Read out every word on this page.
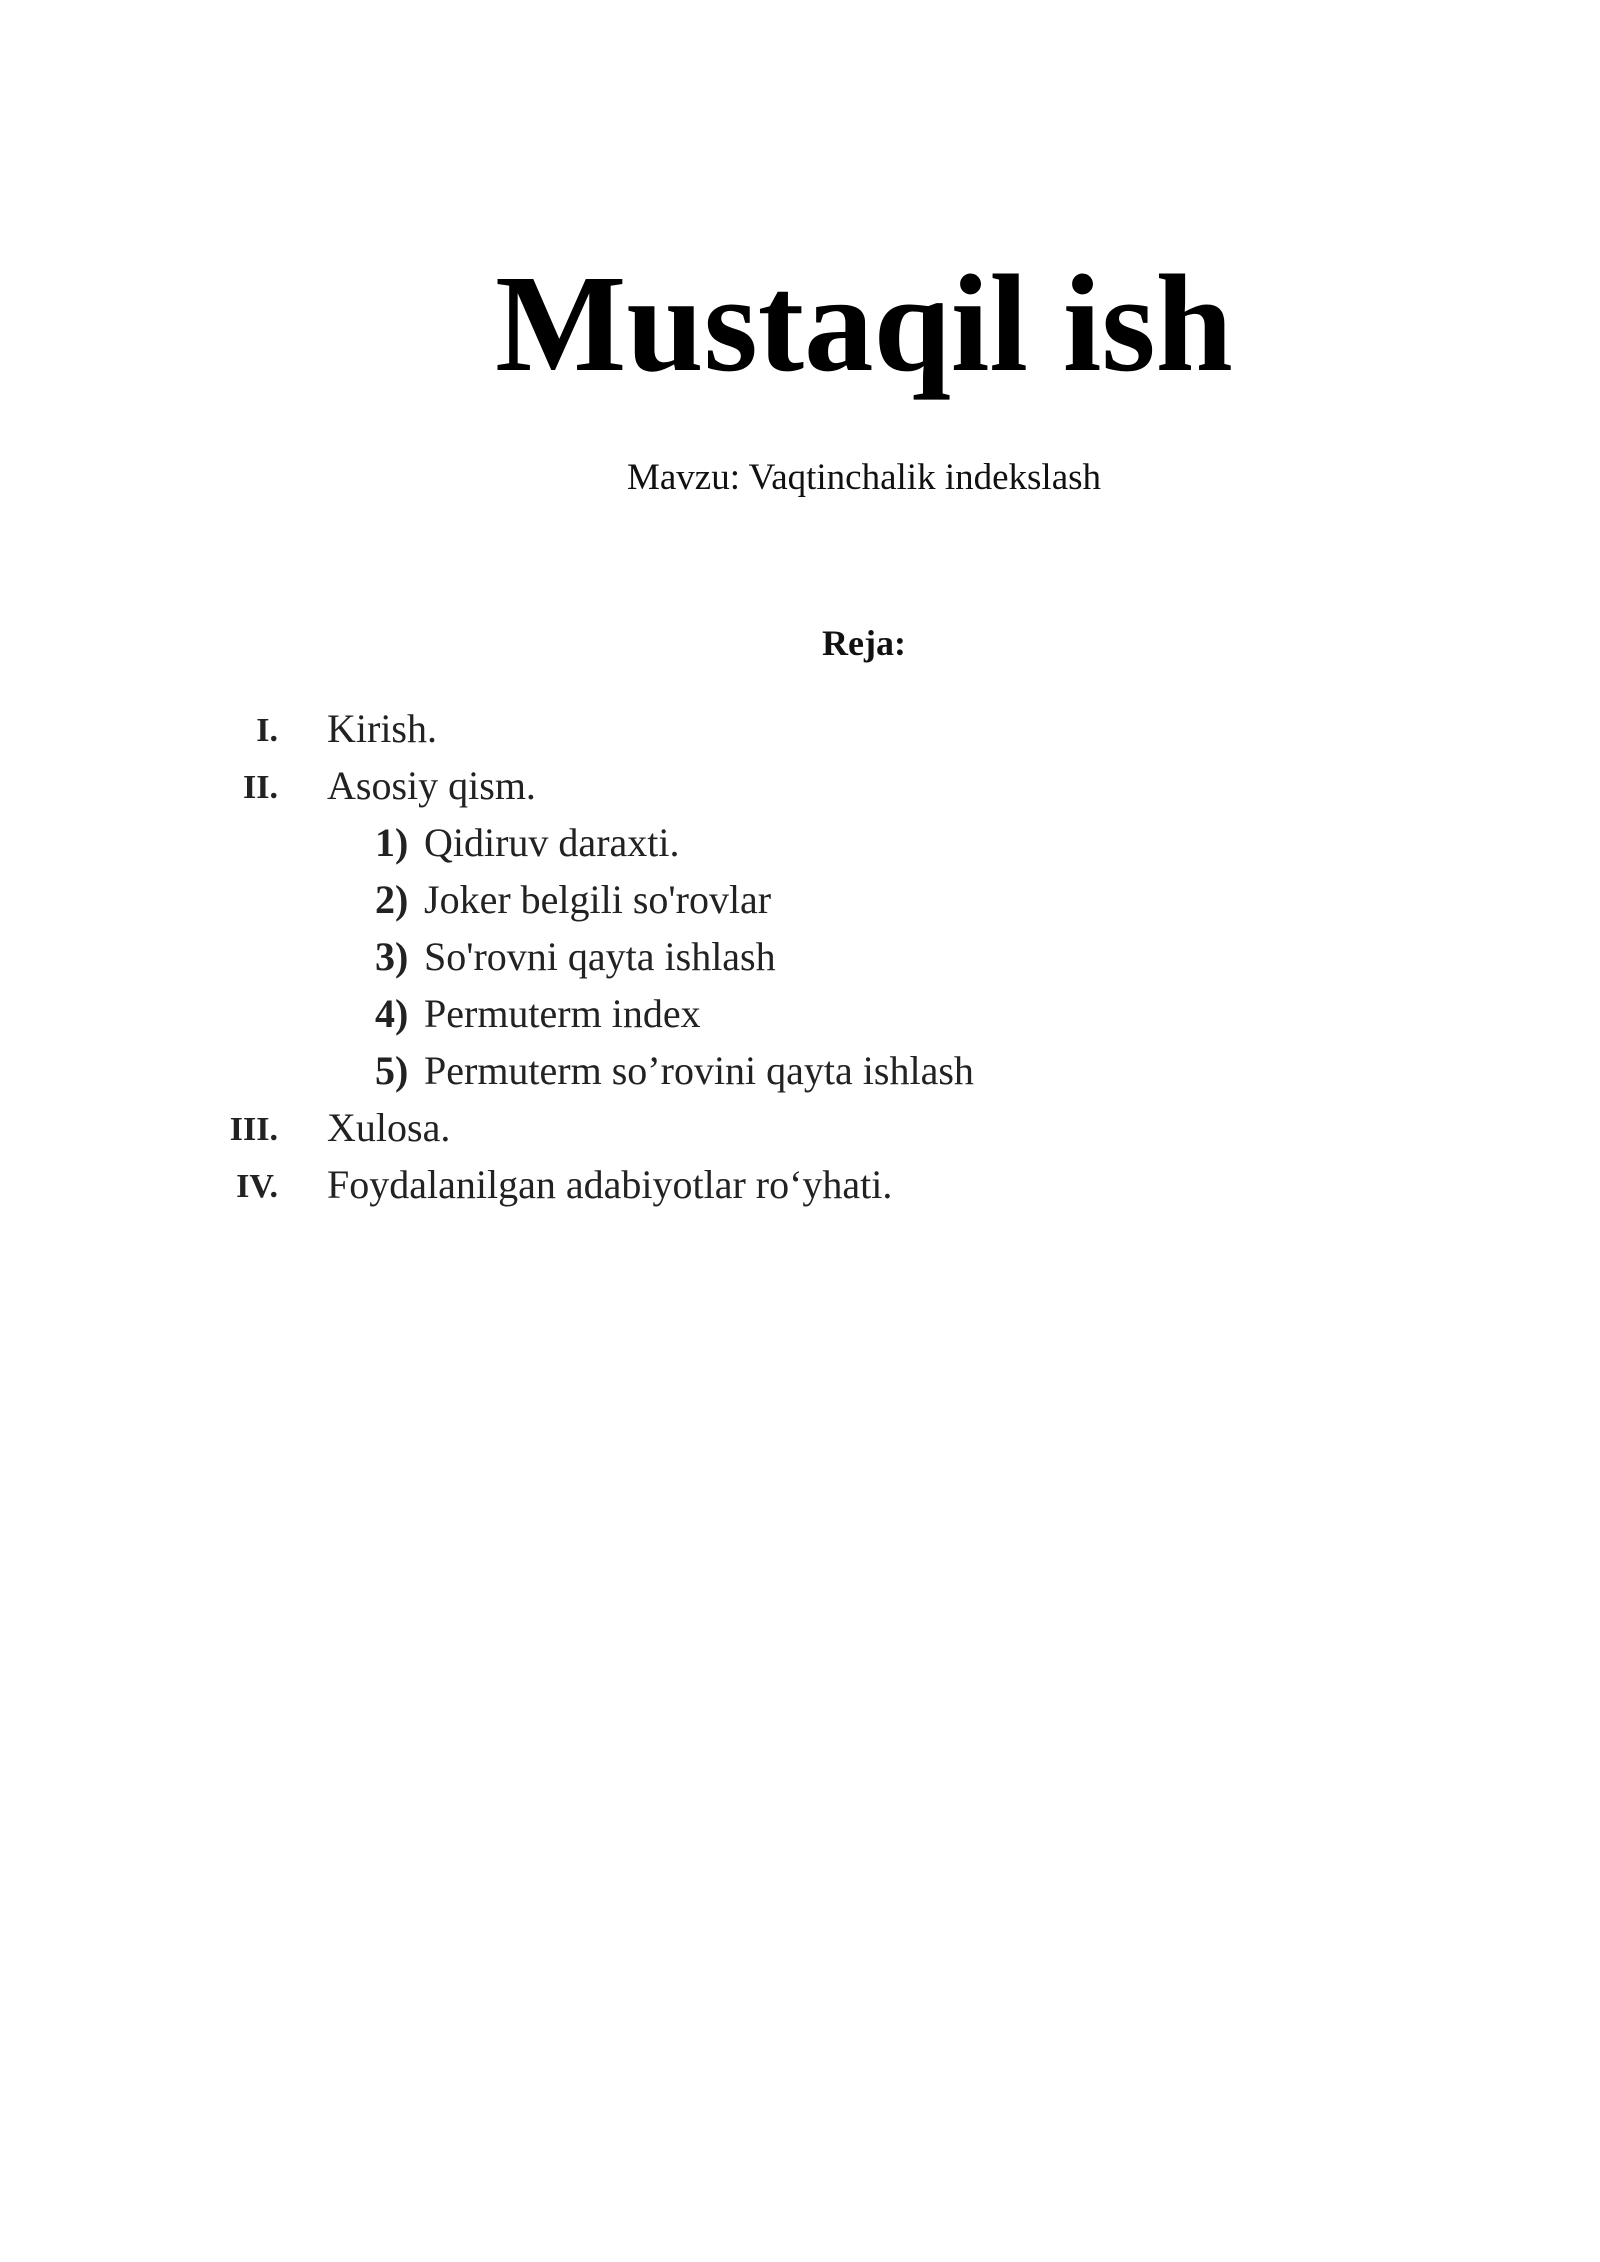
Mustaqil ish
Mavzu: Vaqtinchalik indekslash
Reja:
I. Kirish.
II. Asosiy qism.
1) Qidiruv daraxti.
2) Joker belgili so'rovlar
3) So'rovni qayta ishlash
4) Permuterm index
5) Permuterm so’rovini qayta ishlash
III. Xulosa.
IV. Foydalanilgan adabiyotlar ro‘yhati.
